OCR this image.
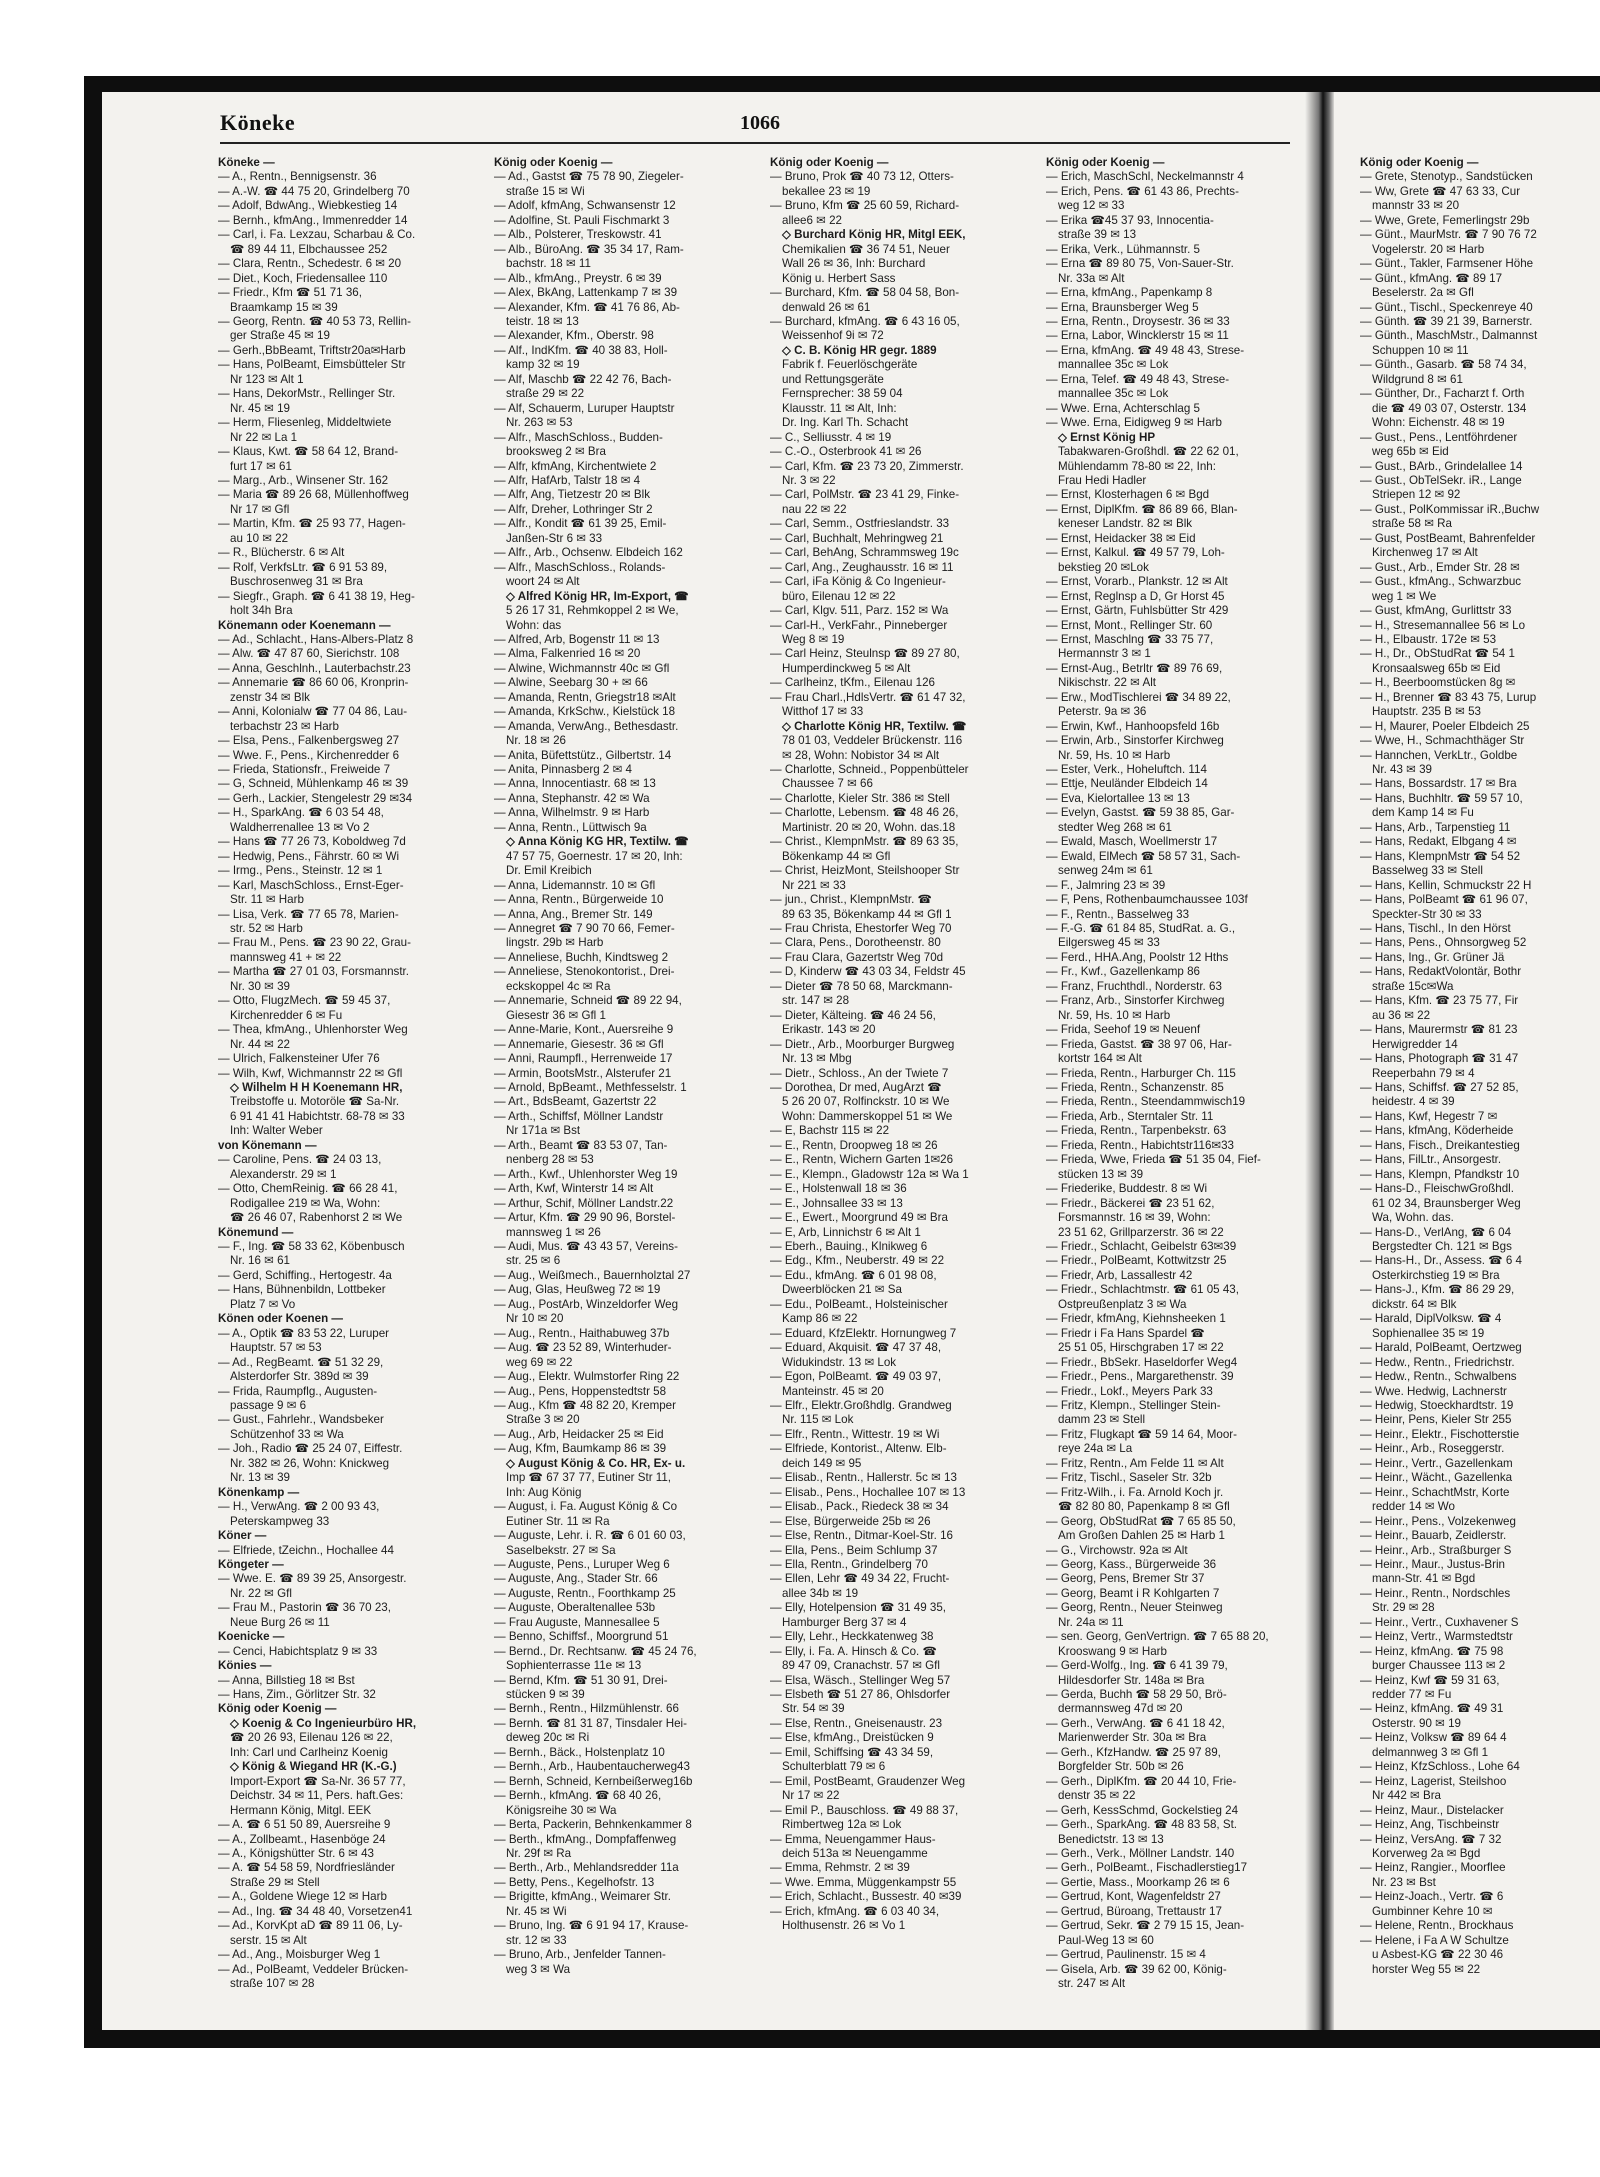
Köneke	1066

Köneke —

— A., Rentn., Bennigsenstr. 36

— A.-W. ☎ 44 75 20, Grindelberg 70

— Adolf, BdwAng., Wiebkestieg 14

— Bernh., kfmAng., Immenredder 14

— Carl, i. Fa. Lexzau, Scharbau & Co.

☎ 89 44 11, Elbchaussee 252

— Clara, Rentn., Schedestr. 6 ✉ 20

— Diet., Koch, Friedensallee 110

— Friedr., Kfm ☎ 51 71 36,

Braamkamp 15 ✉ 39

— Georg, Rentn. ☎ 40 53 73, Rellin-

ger Straße 45 ✉ 19

— Gerh.,BbBeamt, Triftstr20a✉Harb

— Hans, PolBeamt, Eimsbütteler Str

Nr 123 ✉ Alt 1

— Hans, DekorMstr., Rellinger Str.

Nr. 45 ✉ 19

— Herm, Fliesenleg, Middeltwiete

Nr 22 ✉ La 1

— Klaus, Kwt. ☎ 58 64 12, Brand-

furt 17 ✉ 61

— Marg., Arb., Winsener Str. 162

— Maria ☎ 89 26 68, Müllenhoffweg

Nr 17 ✉ Gfl

— Martin, Kfm. ☎ 25 93 77, Hagen-

au 10 ✉ 22

— R., Blücherstr. 6 ✉ Alt

— Rolf, VerkfsLtr. ☎ 6 91 53 89,

Buschrosenweg 31 ✉ Bra

— Siegfr., Graph. ☎ 6 41 38 19, Heg-

holt 34h Bra

Könemann oder Koenemann —

— Ad., Schlacht., Hans-Albers-Platz 8

— Alw. ☎ 47 87 60, Sierichstr. 108

— Anna, Geschlnh., Lauterbachstr.23

— Annemarie ☎ 86 60 06, Kronprin-

zenstr 34 ✉ Blk

— Anni, Kolonialw ☎ 77 04 86, Lau-

terbachstr 23 ✉ Harb

— Elsa, Pens., Falkenbergsweg 27

— Wwe. F., Pens., Kirchenredder 6

— Frieda, Stationsfr., Freiweide 7

— G, Schneid, Mühlenkamp 46 ✉ 39

— Gerh., Lackier, Stengelestr 29 ✉34

— H., SparkAng. ☎ 6 03 54 48,

Waldherrenallee 13 ✉ Vo 2

— Hans ☎ 77 26 73, Koboldweg 7d

— Hedwig, Pens., Fährstr. 60 ✉ Wi

— Irmg., Pens., Steinstr. 12 ✉ 1

— Karl, MaschSchloss., Ernst-Eger-

Str. 11 ✉ Harb

— Lisa, Verk. ☎ 77 65 78, Marien-

str. 52 ✉ Harb

— Frau M., Pens. ☎ 23 90 22, Grau-

mannsweg 41 + ✉ 22

— Martha ☎ 27 01 03, Forsmannstr.

Nr. 30 ✉ 39

— Otto, FlugzMech. ☎ 59 45 37,

Kirchenredder 6 ✉ Fu

— Thea, kfmAng., Uhlenhorster Weg

Nr. 44 ✉ 22

— Ulrich, Falkensteiner Ufer 76

— Wilh, Kwf, Wichmannstr 22 ✉ Gfl

◇ Wilhelm H H Koenemann HR,

Treibstoffe u. Motoröle ☎ Sa-Nr.

6 91 41 41 Habichtstr. 68-78 ✉ 33

Inh: Walter Weber

von Könemann —

— Caroline, Pens. ☎ 24 03 13,

Alexanderstr. 29 ✉ 1

— Otto, ChemReinig. ☎ 66 28 41,

Rodigallee 219 ✉ Wa, Wohn:

☎ 26 46 07, Rabenhorst 2 ✉ We

Könemund —

— F., Ing. ☎ 58 33 62, Köbenbusch

Nr. 16 ✉ 61

— Gerd, Schiffing., Hertogestr. 4a

— Hans, Bühnenbildn, Lottbeker

Platz 7 ✉ Vo

Könen oder Koenen —

— A., Optik ☎ 83 53 22, Luruper

Hauptstr. 57 ✉ 53

— Ad., RegBeamt. ☎ 51 32 29,

Alsterdorfer Str. 389d ✉ 39

— Frida, Raumpflg., Augusten-

passage 9 ✉ 6

— Gust., Fahrlehr., Wandsbeker

Schützenhof 33 ✉ Wa

— Joh., Radio ☎ 25 24 07, Eiffestr.

Nr. 382 ✉ 26, Wohn: Knickweg

Nr. 13 ✉ 39

Könenkamp —

— H., VerwAng. ☎ 2 00 93 43,

Peterskampweg 33

Köner —

— Elfriede, tZeichn., Hochallee 44

Köngeter —

— Wwe. E. ☎ 89 39 25, Ansorgestr.

Nr. 22 ✉ Gfl

— Frau M., Pastorin ☎ 36 70 23,

Neue Burg 26 ✉ 11

Koenicke —

— Cenci, Habichtsplatz 9 ✉ 33

Könies —

— Anna, Billstieg 18 ✉ Bst

— Hans, Zim., Görlitzer Str. 32

König oder Koenig —

◇ Koenig & Co Ingenieurbüro HR,

☎ 20 26 93, Eilenau 126 ✉ 22,

Inh: Carl und Carlheinz Koenig

◇ König & Wiegand HR (K.-G.)

Import-Export ☎ Sa-Nr. 36 57 77,

Deichstr. 34 ✉ 11, Pers. haft.Ges:

Hermann König, Mitgl. EEK

— A. ☎ 6 51 50 89, Auersreihe 9

— A., Zollbeamt., Hasenböge 24

— A., Königshütter Str. 6 ✉ 43

— A. ☎ 54 58 59, Nordfriesländer

Straße 29 ✉ Stell

— A., Goldene Wiege 12 ✉ Harb

— Ad., Ing. ☎ 34 48 40, Vorsetzen41

— Ad., KorvKpt aD ☎ 89 11 06, Ly-

serstr. 15 ✉ Alt

— Ad., Ang., Moisburger Weg 1

— Ad., PolBeamt, Veddeler Brücken-

straße 107 ✉ 28

König oder Koenig —

— Ad., Gastst ☎ 75 78 90, Ziegeler-

straße 15 ✉ Wi

— Adolf, kfmAng, Schwansenstr 12

— Adolfine, St. Pauli Fischmarkt 3

— Alb., Polsterer, Treskowstr. 41

— Alb., BüroAng. ☎ 35 34 17, Ram-

bachstr. 18 ✉ 11

— Alb., kfmAng., Preystr. 6 ✉ 39

— Alex, BkAng, Lattenkamp 7 ✉ 39

— Alexander, Kfm. ☎ 41 76 86, Ab-

teistr. 18 ✉ 13

— Alexander, Kfm., Oberstr. 98

— Alf., IndKfm. ☎ 40 38 83, Holl-

kamp 32 ✉ 19

— Alf, Maschb ☎ 22 42 76, Bach-

straße 29 ✉ 22

— Alf, Schauerm, Luruper Hauptstr

Nr. 263 ✉ 53

— Alfr., MaschSchloss., Budden-

brooksweg 2 ✉ Bra

— Alfr, kfmAng, Kirchentwiete 2

— Alfr, HafArb, Talstr 18 ✉ 4

— Alfr, Ang, Tietzestr 20 ✉ Blk

— Alfr, Dreher, Lothringer Str 2

— Alfr., Kondit ☎ 61 39 25, Emil-

Janßen-Str 6 ✉ 33

— Alfr., Arb., Ochsenw. Elbdeich 162

— Alfr., MaschSchloss., Rolands-

woort 24 ✉ Alt

◇ Alfred König HR, Im-Export, ☎

5 26 17 31, Rehmkoppel 2 ✉ We,

Wohn: das

— Alfred, Arb, Bogenstr 11 ✉ 13

— Alma, Falkenried 16 ✉ 20

— Alwine, Wichmannstr 40c ✉ Gfl

— Alwine, Seebarg 30 + ✉ 66

— Amanda, Rentn, Griegstr18 ✉Alt

— Amanda, KrkSchw., Kielstück 18

— Amanda, VerwAng., Bethesdastr.

Nr. 18 ✉ 26

— Anita, Büfettstütz., Gilbertstr. 14

— Anita, Pinnasberg 2 ✉ 4

— Anna, Innocentiastr. 68 ✉ 13

— Anna, Stephanstr. 42 ✉ Wa

— Anna, Wilhelmstr. 9 ✉ Harb

— Anna, Rentn., Lüttwisch 9a

◇ Anna König KG HR, Textilw. ☎

47 57 75, Goernestr. 17 ✉ 20, Inh:

Dr. Emil Kreibich

— Anna, Lidemannstr. 10 ✉ Gfl

— Anna, Rentn., Bürgerweide 10

— Anna, Ang., Bremer Str. 149

— Annegret ☎ 7 90 70 66, Femer-

lingstr. 29b ✉ Harb

— Anneliese, Buchh, Kindtsweg 2

— Anneliese, Stenokontorist., Drei-

eckskoppel 4c ✉ Ra

— Annemarie, Schneid ☎ 89 22 94,

Giesestr 36 ✉ Gfl 1

— Anne-Marie, Kont., Auersreihe 9

— Annemarie, Giesestr. 36 ✉ Gfl

— Anni, Raumpfl., Herrenweide 17

— Armin, BootsMstr., Alsterufer 21

— Arnold, BpBeamt., Methfesselstr. 1

— Art., BdsBeamt, Gazertstr 22

— Arth., Schiffsf, Möllner Landstr

Nr 171a ✉ Bst

— Arth., Beamt ☎ 83 53 07, Tan-

nenberg 28 ✉ 53

— Arth., Kwf., Uhlenhorster Weg 19

— Arth, Kwf, Winterstr 14 ✉ Alt

— Arthur, Schif, Möllner Landstr.22

— Artur, Kfm. ☎ 29 90 96, Borstel-

mannsweg 1 ✉ 26

— Audi, Mus. ☎ 43 43 57, Vereins-

str. 25 ✉ 6

— Aug., Weißmech., Bauernholztal 27

— Aug, Glas, Heußweg 72 ✉ 19

— Aug., PostArb, Winzeldorfer Weg

Nr 10 ✉ 20

— Aug., Rentn., Haithabuweg 37b

— Aug. ☎ 23 52 89, Winterhuder-

weg 69 ✉ 22

— Aug., Elektr. Wulmstorfer Ring 22

— Aug., Pens, Hoppenstedtstr 58

— Aug., Kfm ☎ 48 82 20, Kremper

Straße 3 ✉ 20

— Aug., Arb, Heidacker 25 ✉ Eid

— Aug, Kfm, Baumkamp 86 ✉ 39

◇ August König & Co. HR, Ex- u.

Imp ☎ 67 37 77, Eutiner Str 11,

Inh: Aug König

— August, i. Fa. August König & Co

Eutiner Str. 11 ✉ Ra

— Auguste, Lehr. i. R. ☎ 6 01 60 03,

Saselbekstr. 27 ✉ Sa

— Auguste, Pens., Luruper Weg 6

— Auguste, Ang., Stader Str. 66

— Auguste, Rentn., Foorthkamp 25

— Auguste, Oberaltenallee 53b

— Frau Auguste, Mannesallee 5

— Benno, Schiffsf., Moorgrund 51

— Bernd., Dr. Rechtsanw. ☎ 45 24 76,

Sophienterrasse 11e ✉ 13

— Bernd, Kfm. ☎ 51 30 91, Drei-

stücken 9 ✉ 39

— Bernh., Rentn., Hilzmühlenstr. 66

— Bernh. ☎ 81 31 87, Tinsdaler Hei-

deweg 20c ✉ Ri

— Bernh., Bäck., Holstenplatz 10

— Bernh., Arb., Haubentaucherweg43

— Bernh, Schneid, Kernbeißerweg16b

— Bernh., kfmAng. ☎ 68 40 26,

Königsreihe 30 ✉ Wa

— Berta, Packerin, Behnkenkammer 8

— Berth., kfmAng., Dompfaffenweg

Nr. 29f ✉ Ra

— Berth., Arb., Mehlandsredder 11a

— Betty, Pens., Kegelhofstr. 13

— Brigitte, kfmAng., Weimarer Str.

Nr. 45 ✉ Wi

— Bruno, Ing. ☎ 6 91 94 17, Krause-

str. 12 ✉ 33

— Bruno, Arb., Jenfelder Tannen-

weg 3 ✉ Wa

König oder Koenig —

— Bruno, Prok ☎ 40 73 12, Otters-

bekallee 23 ✉ 19

— Bruno, Kfm ☎ 25 60 59, Richard-

allee6 ✉ 22

◇ Burchard König HR, Mitgl EEK,

Chemikalien ☎ 36 74 51, Neuer

Wall 26 ✉ 36, Inh: Burchard

König u. Herbert Sass

— Burchard, Kfm. ☎ 58 04 58, Bon-

denwald 26 ✉ 61

— Burchard, kfmAng. ☎ 6 43 16 05,

Weissenhof 9i ✉ 72

◇ C. B. König HR gegr. 1889

Fabrik f. Feuerlöschgeräte

und Rettungsgeräte

Fernsprecher: 38 59 04

Klausstr. 11 ✉ Alt, Inh:

Dr. Ing. Karl Th. Schacht

— C., Selliusstr. 4 ✉ 19

— C.-O., Osterbrook 41 ✉ 26

— Carl, Kfm. ☎ 23 73 20, Zimmerstr.

Nr. 3 ✉ 22

— Carl, PolMstr. ☎ 23 41 29, Finke-

nau 22 ✉ 22

— Carl, Semm., Ostfrieslandstr. 33

— Carl, Buchhalt, Mehringweg 21

— Carl, BehAng, Schrammsweg 19c

— Carl, Ang., Zeughausstr. 16 ✉ 11

— Carl, iFa König & Co Ingenieur-

büro, Eilenau 12 ✉ 22

— Carl, Klgv. 511, Parz. 152 ✉ Wa

— Carl-H., VerkFahr., Pinneberger

Weg 8 ✉ 19

— Carl Heinz, Steulnsp ☎ 89 27 80,

Humperdinckweg 5 ✉ Alt

— Carlheinz, tKfm., Eilenau 126

— Frau Charl.,HdlsVertr. ☎ 61 47 32,

Witthof 17 ✉ 33

◇ Charlotte König HR, Textilw. ☎

78 01 03, Veddeler Brückenstr. 116

✉ 28, Wohn: Nobistor 34 ✉ Alt

— Charlotte, Schneid., Poppenbütteler

Chaussee 7 ✉ 66

— Charlotte, Kieler Str. 386 ✉ Stell

— Charlotte, Lebensm. ☎ 48 46 26,

Martinistr. 20 ✉ 20, Wohn. das.18

— Christ., KlempnMstr. ☎ 89 63 35,

Bökenkamp 44 ✉ Gfl

— Christ, HeizMont, Steilshooper Str

Nr 221 ✉ 33

— jun., Christ., KlempnMstr. ☎

89 63 35, Bökenkamp 44 ✉ Gfl 1

— Frau Christa, Ehestorfer Weg 70

— Clara, Pens., Dorotheenstr. 80

— Frau Clara, Gazertstr Weg 70d

— D, Kinderw ☎ 43 03 34, Feldstr 45

— Dieter ☎ 78 50 68, Marckmann-

str. 147 ✉ 28

— Dieter, Kälteing. ☎ 46 24 56,

Erikastr. 143 ✉ 20

— Dietr., Arb., Moorburger Burgweg

Nr. 13 ✉ Mbg

— Dietr., Schloss., An der Twiete 7

— Dorothea, Dr med, AugArzt ☎

5 26 20 07, Rolfinckstr. 10 ✉ We

Wohn: Dammerskoppel 51 ✉ We

— E, Bachstr 115 ✉ 22

— E., Rentn, Droopweg 18 ✉ 26

— E., Rentn, Wichern Garten 1✉26

— E., Klempn., Gladowstr 12a ✉ Wa 1

— E., Holstenwall 18 ✉ 36

— E., Johnsallee 33 ✉ 13

— E., Ewert., Moorgrund 49 ✉ Bra

— E, Arb, Linnichstr 6 ✉ Alt 1

— Eberh., Bauing., Klnikweg 6

— Edg., Kfm., Neuberstr. 49 ✉ 22

— Edu., kfmAng. ☎ 6 01 98 08,

Dweerblöcken 21 ✉ Sa

— Edu., PolBeamt., Holsteinischer

Kamp 86 ✉ 22

— Eduard, KfzElektr. Hornungweg 7

— Eduard, Akquisit. ☎ 47 37 48,

Widukindstr. 13 ✉ Lok

— Egon, PolBeamt. ☎ 49 03 97,

Manteinstr. 45 ✉ 20

— Elfr., Elektr.Großhdlg. Grandweg

Nr. 115 ✉ Lok

— Elfr., Rentn., Wittestr. 19 ✉ Wi

— Elfriede, Kontorist., Altenw. Elb-

deich 149 ✉ 95

— Elisab., Rentn., Hallerstr. 5c ✉ 13

— Elisab., Pens., Hochallee 107 ✉ 13

— Elisab., Pack., Riedeck 38 ✉ 34

— Else, Bürgerweide 25b ✉ 26

— Else, Rentn., Ditmar-Koel-Str. 16

— Ella, Pens., Beim Schlump 37

— Ella, Rentn., Grindelberg 70

— Ellen, Lehr ☎ 49 34 22, Frucht-

allee 34b ✉ 19

— Elly, Hotelpension ☎ 31 49 35,

Hamburger Berg 37 ✉ 4

— Elly, Lehr., Heckkatenweg 38

— Elly, i. Fa. A. Hinsch & Co. ☎

89 47 09, Cranachstr. 57 ✉ Gfl

— Elsa, Wäsch., Stellinger Weg 57

— Elsbeth ☎ 51 27 86, Ohlsdorfer

Str. 54 ✉ 39

— Else, Rentn., Gneisenaustr. 23

— Else, kfmAng., Dreistücken 9

— Emil, Schiffsing ☎ 43 34 59,

Schulterblatt 79 ✉ 6

— Emil, PostBeamt, Graudenzer Weg

Nr 17 ✉ 22

— Emil P., Bauschloss. ☎ 49 88 37,

Rimbertweg 12a ✉ Lok

— Emma, Neuengammer Haus-

deich 513a ✉ Neuengamme

— Emma, Rehmstr. 2 ✉ 39

— Wwe. Emma, Müggenkampstr 55

— Erich, Schlacht., Bussestr. 40 ✉39

— Erich, kfmAng. ☎ 6 03 40 34,

Holthusenstr. 26 ✉ Vo 1

König oder Koenig —

— Erich, MaschSchl, Neckelmannstr 4

— Erich, Pens. ☎ 61 43 86, Prechts-

weg 12 ✉ 33

— Erika ☎45 37 93, Innocentia-

straße 39 ✉ 13

— Erika, Verk., Lühmannstr. 5

— Erna ☎ 89 80 75, Von-Sauer-Str.

Nr. 33a ✉ Alt

— Erna, kfmAng., Papenkamp 8

— Erna, Braunsberger Weg 5

— Erna, Rentn., Droysestr. 36 ✉ 33

— Erna, Labor, Wincklerstr 15 ✉ 11

— Erna, kfmAng. ☎ 49 48 43, Strese-

mannallee 35c ✉ Lok

— Erna, Telef. ☎ 49 48 43, Strese-

mannallee 35c ✉ Lok

— Wwe. Erna, Achterschlag 5

— Wwe. Erna, Eidigweg 9 ✉ Harb

◇ Ernst König HP

Tabakwaren-Großhdl. ☎ 22 62 01,

Mühlendamm 78-80 ✉ 22, Inh:

Frau Hedi Hadler

— Ernst, Klosterhagen 6 ✉ Bgd

— Ernst, DiplKfm. ☎ 86 89 66, Blan-

keneser Landstr. 82 ✉ Blk

— Ernst, Heidacker 38 ✉ Eid

— Ernst, Kalkul. ☎ 49 57 79, Loh-

bekstieg 20 ✉Lok

— Ernst, Vorarb., Plankstr. 12 ✉ Alt

— Ernst, Reglnsp a D, Gr Horst 45

— Ernst, Gärtn, Fuhlsbütter Str 429

— Ernst, Mont., Rellinger Str. 60

— Ernst, Maschlng ☎ 33 75 77,

Hermannstr 3 ✉ 1

— Ernst-Aug., Betrltr ☎ 89 76 69,

Nikischstr. 22 ✉ Alt

— Erw., ModTischlerei ☎ 34 89 22,

Peterstr. 9a ✉ 36

— Erwin, Kwf., Hanhoopsfeld 16b

— Erwin, Arb., Sinstorfer Kirchweg

Nr. 59, Hs. 10 ✉ Harb

— Ester, Verk., Hoheluftch. 114

— Ettje, Neuländer Elbdeich 14

— Eva, Kielortallee 13 ✉ 13

— Evelyn, Gastst. ☎ 59 38 85, Gar-

stedter Weg 268 ✉ 61

— Ewald, Masch, Woellmerstr 17

— Ewald, ElMech ☎ 58 57 31, Sach-

senweg 24m ✉ 61

— F., Jalmring 23 ✉ 39

— F, Pens, Rothenbaumchaussee 103f

— F., Rentn., Basselweg 33

— F.-G. ☎ 61 84 85, StudRat. a. G.,

Eilgersweg 45 ✉ 33

— Ferd., HHA.Ang, Poolstr 12 Hths

— Fr., Kwf., Gazellenkamp 86

— Franz, Fruchthdl., Norderstr. 63

— Franz, Arb., Sinstorfer Kirchweg

Nr. 59, Hs. 10 ✉ Harb

— Frida, Seehof 19 ✉ Neuenf

— Frieda, Gastst. ☎ 38 97 06, Har-

kortstr 164 ✉ Alt

— Frieda, Rentn., Harburger Ch. 115

— Frieda, Rentn., Schanzenstr. 85

— Frieda, Rentn., Steendammwisch19

— Frieda, Arb., Sterntaler Str. 11

— Frieda, Rentn., Tarpenbekstr. 63

— Frieda, Rentn., Habichtstr116✉33

— Frieda, Wwe, Frieda ☎ 51 35 04, Fief-

stücken 13 ✉ 39

— Friederike, Buddestr. 8 ✉ Wi

— Friedr., Bäckerei ☎ 23 51 62,

Forsmannstr. 16 ✉ 39, Wohn:

23 51 62, Grillparzerstr. 36 ✉ 22

— Friedr., Schlacht, Geibelstr 63✉39

— Friedr., PolBeamt, Kottwitzstr 25

— Friedr, Arb, Lassallestr 42

— Friedr., Schlachtmstr. ☎ 61 05 43,

Ostpreußenplatz 3 ✉ Wa

— Friedr, kfmAng, Kiehnsheeken 1

— Friedr i Fa Hans Spardel ☎

25 51 05, Hirschgraben 17 ✉ 22

— Friedr., BbSekr. Haseldorfer Weg4

— Friedr., Pens., Margarethenstr. 39

— Friedr., Lokf., Meyers Park 33

— Fritz, Klempn., Stellinger Stein-

damm 23 ✉ Stell

— Fritz, Flugkapt ☎ 59 14 64, Moor-

reye 24a ✉ La

— Fritz, Rentn., Am Felde 11 ✉ Alt

— Fritz, Tischl., Saseler Str. 32b

— Fritz-Wilh., i. Fa. Arnold Koch jr.

☎ 82 80 80, Papenkamp 8 ✉ Gfl

— Georg, ObStudRat ☎ 7 65 85 50,

Am Großen Dahlen 25 ✉ Harb 1

— G., Virchowstr. 92a ✉ Alt

— Georg, Kass., Bürgerweide 36

— Georg, Pens, Bremer Str 37

— Georg, Beamt i R Kohlgarten 7

— Georg, Rentn., Neuer Steinweg

Nr. 24a ✉ 11

— sen. Georg, GenVertrign. ☎ 7 65 88 20,

Krooswang 9 ✉ Harb

— Gerd-Wolfg., Ing. ☎ 6 41 39 79,

Hildesdorfer Str. 148a ✉ Bra

— Gerda, Buchh ☎ 58 29 50, Brö-

dermannsweg 47d ✉ 20

— Gerh., VerwAng. ☎ 6 41 18 42,

Marienwerder Str. 30a ✉ Bra

— Gerh., KfzHandw. ☎ 25 97 89,

Borgfelder Str. 50b ✉ 26

— Gerh., DiplKfm. ☎ 20 44 10, Frie-

denstr 35 ✉ 22

— Gerh, KessSchmd, Gockelstieg 24

— Gerh., SparkAng. ☎ 48 83 58, St.

Benedictstr. 13 ✉ 13

— Gerh., Verk., Möllner Landstr. 140

— Gerh., PolBeamt., Fischadlerstieg17

— Gertie, Mass., Moorkamp 26 ✉ 6

— Gertrud, Kont, Wagenfeldstr 27

— Gertrud, Büroang, Trettaustr 17

— Gertrud, Sekr. ☎ 2 79 15 15, Jean-

Paul-Weg 13 ✉ 60

— Gertrud, Paulinenstr. 15 ✉ 4

— Gisela, Arb. ☎ 39 62 00, König-

str. 247 ✉ Alt

König oder Koenig —

— Grete, Stenotyp., Sandstücken

— Ww, Grete ☎ 47 63 33, Cur

mannstr 33 ✉ 20

— Wwe, Grete, Femerlingstr 29b

— Günt., MaurMstr. ☎ 7 90 76 72

Vogelerstr. 20 ✉ Harb

— Günt., Takler, Farmsener Höhe

— Günt., kfmAng. ☎ 89 17

Beselerstr. 2a ✉ Gfl

— Günt., Tischl., Speckenreye 40

— Günth. ☎ 39 21 39, Barnerstr.

— Günth., MaschMstr., Dalmannst

Schuppen 10 ✉ 11

— Günth., Gasarb. ☎ 58 74 34,

Wildgrund 8 ✉ 61

— Günther, Dr., Facharzt f. Orth

die ☎ 49 03 07, Osterstr. 134

Wohn: Eichenstr. 48 ✉ 19

— Gust., Pens., Lentföhrdener

weg 65b ✉ Eid

— Gust., BArb., Grindelallee 14

— Gust., ObTelSekr. iR., Lange

Striepen 12 ✉ 92

— Gust., PolKommissar iR.,Buchw

straße 58 ✉ Ra

— Gust, PostBeamt, Bahrenfelder

Kirchenweg 17 ✉ Alt

— Gust., Arb., Emder Str. 28 ✉

— Gust., kfmAng., Schwarzbuc

weg 1 ✉ We

— Gust, kfmAng, Gurlittstr 33

— H., Stresemannallee 56 ✉ Lo

— H., Elbaustr. 172e ✉ 53

— H., Dr., ObStudRat ☎ 54 1

Kronsaalsweg 65b ✉ Eid

— H., Beerboomstücken 8g ✉

— H., Brenner ☎ 83 43 75, Lurup

Hauptstr. 235 B ✉ 53

— H, Maurer, Poeler Elbdeich 25

— Wwe, H., Schmachthäger Str

— Hannchen, VerkLtr., Goldbe

Nr. 43 ✉ 39

— Hans, Bossardstr. 17 ✉ Bra

— Hans, Buchhltr. ☎ 59 57 10,

dem Kamp 14 ✉ Fu

— Hans, Arb., Tarpenstieg 11

— Hans, Redakt, Elbgang 4 ✉

— Hans, KlempnMstr ☎ 54 52

Basselweg 33 ✉ Stell

— Hans, Kellin, Schmuckstr 22 H

— Hans, PolBeamt ☎ 61 96 07,

Speckter-Str 30 ✉ 33

— Hans, Tischl., In den Hörst

— Hans, Pens., Ohnsorgweg 52

— Hans, Ing., Gr. Grüner Jä

— Hans, RedaktVolontär, Bothr

straße 15c✉Wa

— Hans, Kfm. ☎ 23 75 77, Fir

au 36 ✉ 22

— Hans, Maurermstr ☎ 81 23

Herwigredder 14

— Hans, Photograph ☎ 31 47

Reeperbahn 79 ✉ 4

— Hans, Schiffsf. ☎ 27 52 85,

heidestr. 4 ✉ 39

— Hans, Kwf, Hegestr 7 ✉

— Hans, kfmAng, Köderheide

— Hans, Fisch., Dreikantestieg

— Hans, FilLtr., Ansorgestr.

— Hans, Klempn, Pfandkstr 10

— Hans-D., FleischwGroßhdl.

61 02 34, Braunsberger Weg

Wa, Wohn. das.

— Hans-D., VerlAng, ☎ 6 04

Bergstedter Ch. 121 ✉ Bgs

— Hans-H., Dr., Assess. ☎ 6 4

Osterkirchstieg 19 ✉ Bra

— Hans-J., Kfm. ☎ 86 29 29,

dickstr. 64 ✉ Blk

— Harald, DiplVolksw. ☎ 4

Sophienallee 35 ✉ 19

— Harald, PolBeamt, Oertzweg

— Hedw., Rentn., Friedrichstr.

— Hedw., Rentn., Schwalbens

— Wwe. Hedwig, Lachnerstr

— Hedwig, Stoeckhardtstr. 19

— Heinr, Pens, Kieler Str 255

— Heinr., Elektr., Fischotterstie

— Heinr., Arb., Roseggerstr.

— Heinr., Vertr., Gazellenkam

— Heinr., Wächt., Gazellenka

— Heinr., SchachtMstr, Korte

redder 14 ✉ Wo

— Heinr., Pens., Volzekenweg

— Heinr., Bauarb, Zeidlerstr.

— Heinr., Arb., Straßburger S

— Heinr., Maur., Justus-Brin

mann-Str. 41 ✉ Bgd

— Heinr., Rentn., Nordschles

Str. 29 ✉ 28

— Heinr., Vertr., Cuxhavener S

— Heinz, Vertr., Warmstedtstr

— Heinz, kfmAng. ☎ 75 98

burger Chaussee 113 ✉ 2

— Heinz, Kwf ☎ 59 31 63,

redder 77 ✉ Fu

— Heinz, kfmAng. ☎ 49 31

Osterstr. 90 ✉ 19

— Heinz, Volksw ☎ 89 64 4

delmannweg 3 ✉ Gfl 1

— Heinz, KfzSchloss., Lohe 64

— Heinz, Lagerist, Steilshoo

Nr 442 ✉ Bra

— Heinz, Maur., Distelacker

— Heinz, Ang, Tischbeinstr

— Heinz, VersAng. ☎ 7 32

Korverweg 2a ✉ Bgd

— Heinz, Rangier., Moorflee

Nr. 23 ✉ Bst

— Heinz-Joach., Vertr. ☎ 6

Gumbinner Kehre 10 ✉

— Helene, Rentn., Brockhaus

— Helene, i Fa A W Schultze

u Asbest-KG ☎ 22 30 46

horster Weg 55 ✉ 22
